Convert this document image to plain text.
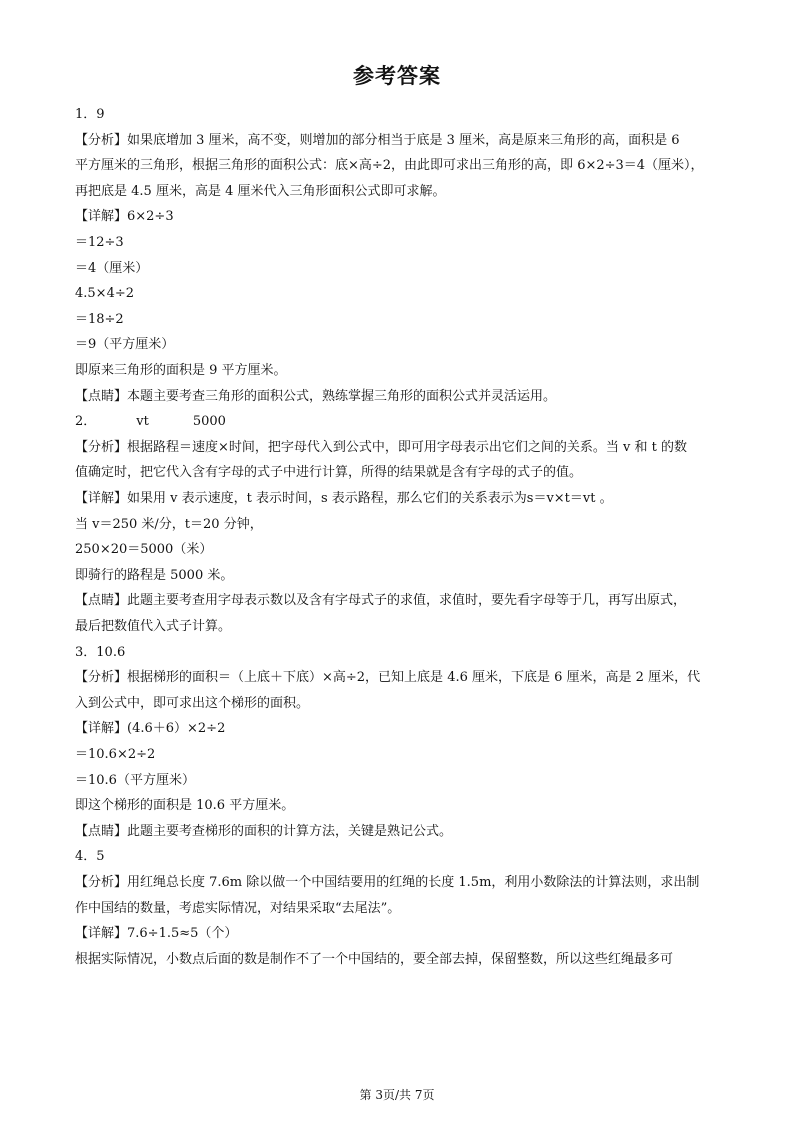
参考答案
1．9
【分析】如果底增加 3 厘米，高不变，则增加的部分相当于底是 3 厘米，高是原来三角形的高，面积是 6
平方厘米的三角形，根据三角形的面积公式：底×高÷2，由此即可求出三角形的高，即 6×2÷3＝4（厘米），
再把底是 4.5 厘米，高是 4 厘米代入三角形面积公式即可求解。
【详解】6×2÷3
＝12÷3
＝4（厘米）
4.5×4÷2
＝18÷2
＝9（平方厘米）
即原来三角形的面积是 9 平方厘米。
【点睛】本题主要考查三角形的面积公式，熟练掌握三角形的面积公式并灵活运用。
2．	vt	5000
【分析】根据路程＝速度×时间，把字母代入到公式中，即可用字母表示出它们之间的关系。当 v 和 t 的数
值确定时，把它代入含有字母的式子中进行计算，所得的结果就是含有字母的式子的值。
【详解】如果用 v 表示速度，t 表示时间，s 表示路程，那么它们的关系表示为s＝v×t＝vt 。
当 v＝250 米/分，t＝20 分钟，
250×20＝5000（米）
即骑行的路程是 5000 米。
【点睛】此题主要考查用字母表示数以及含有字母式子的求值，求值时，要先看字母等于几，再写出原式，
最后把数值代入式子计算。
3．10.6
【分析】根据梯形的面积＝（上底＋下底）×高÷2，已知上底是 4.6 厘米，下底是 6 厘米，高是 2 厘米，代
入到公式中，即可求出这个梯形的面积。
【详解】(4.6＋6）×2÷2
＝10.6×2÷2
＝10.6（平方厘米）
即这个梯形的面积是 10.6 平方厘米。
【点睛】此题主要考查梯形的面积的计算方法，关键是熟记公式。
4．5
【分析】用红绳总长度 7.6m 除以做一个中国结要用的红绳的长度 1.5m，利用小数除法的计算法则，求出制
作中国结的数量，考虑实际情况，对结果采取“去尾法”。
【详解】7.6÷1.5≈5（个）
根据实际情况，小数点后面的数是制作不了一个中国结的，要全部去掉，保留整数，所以这些红绳最多可
第 3页/共 7页
